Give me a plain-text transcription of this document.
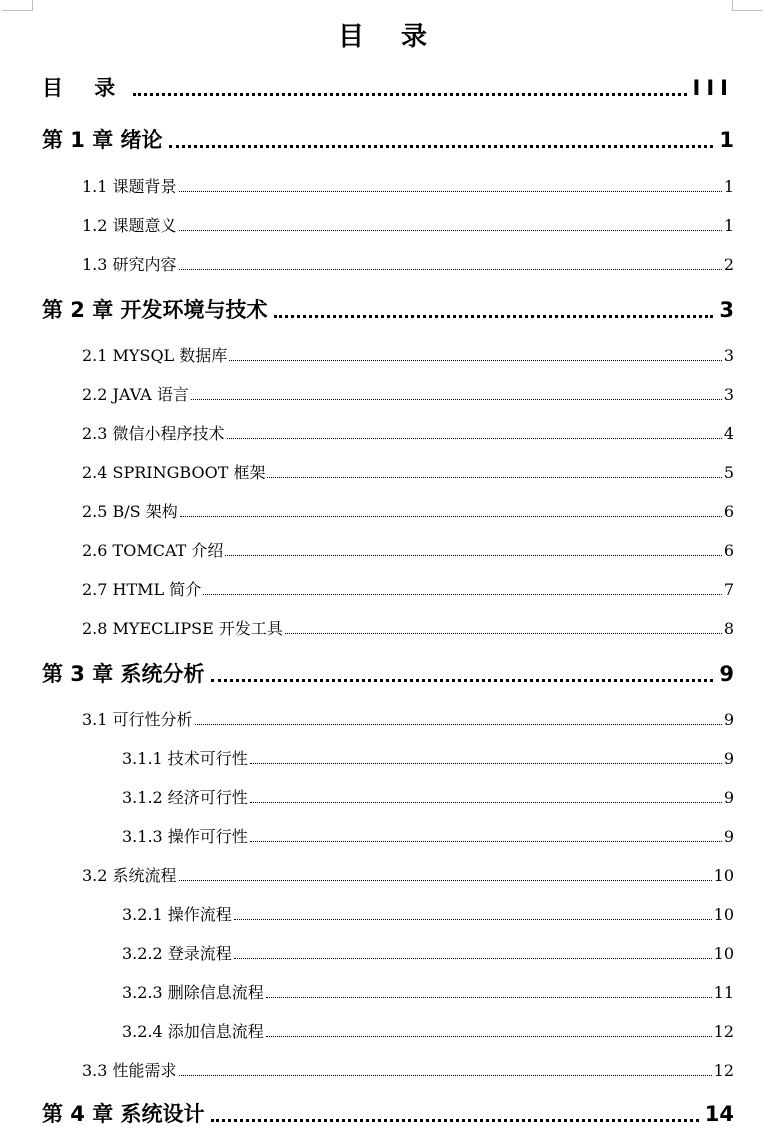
目 录
目 录	III
第 1 章 绪论	1
1.1 课题背景	1
1.2 课题意义	1
1.3 研究内容	2
第 2 章 开发环境与技术	3
2.1 MYSQL 数据库	3
2.2 JAVA 语言	3
2.3 微信小程序技术	4
2.4 SPRINGBOOT 框架	5
2.5 B/S 架构	6
2.6 TOMCAT 介绍	6
2.7 HTML 简介	7
2.8 MYECLIPSE 开发工具	8
第 3 章 系统分析	9
3.1 可行性分析	9
3.1.1 技术可行性	9
3.1.2 经济可行性	9
3.1.3 操作可行性	9
3.2 系统流程	10
3.2.1 操作流程	10
3.2.2 登录流程	10
3.2.3 删除信息流程	11
3.2.4 添加信息流程	12
3.3 性能需求	12
第 4 章 系统设计	14
